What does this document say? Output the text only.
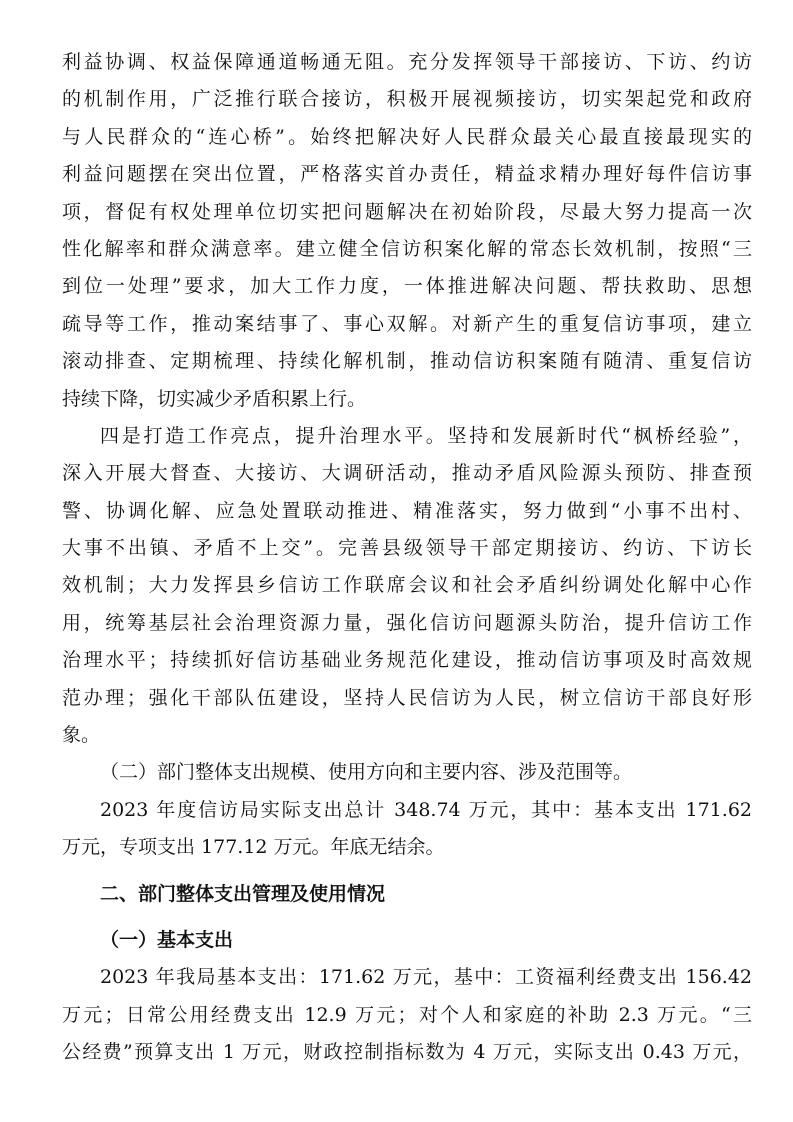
利益协调、权益保障通道畅通无阻。充分发挥领导干部接访、下访、约访
的机制作用，广泛推行联合接访，积极开展视频接访，切实架起党和政府
与人民群众的“连心桥”。始终把解决好人民群众最关心最直接最现实的
利益问题摆在突出位置，严格落实首办责任，精益求精办理好每件信访事
项，督促有权处理单位切实把问题解决在初始阶段，尽最大努力提高一次
性化解率和群众满意率。建立健全信访积案化解的常态长效机制，按照“三
到位一处理”要求，加大工作力度，一体推进解决问题、帮扶救助、思想
疏导等工作，推动案结事了、事心双解。对新产生的重复信访事项，建立
滚动排查、定期梳理、持续化解机制，推动信访积案随有随清、重复信访
持续下降，切实减少矛盾积累上行。
四是打造工作亮点，提升治理水平。坚持和发展新时代“枫桥经验”，
深入开展大督查、大接访、大调研活动，推动矛盾风险源头预防、排查预
警、协调化解、应急处置联动推进、精准落实，努力做到“小事不出村、
大事不出镇、矛盾不上交”。完善县级领导干部定期接访、约访、下访长
效机制；大力发挥县乡信访工作联席会议和社会矛盾纠纷调处化解中心作
用，统筹基层社会治理资源力量，强化信访问题源头防治，提升信访工作
治理水平；持续抓好信访基础业务规范化建设，推动信访事项及时高效规
范办理；强化干部队伍建设，坚持人民信访为人民，树立信访干部良好形
象。
（二）部门整体支出规模、使用方向和主要内容、涉及范围等。
2023 年度信访局实际支出总计 348.74 万元，其中：基本支出 171.62
万元，专项支出 177.12 万元。年底无结余。
二、部门整体支出管理及使用情况
（一）基本支出
2023 年我局基本支出：171.62 万元，基中：工资福利经费支出 156.42
万元；日常公用经费支出 12.9 万元；对个人和家庭的补助 2.3 万元。“三
公经费”预算支出 1 万元，财政控制指标数为 4 万元，实际支出 0.43 万元，
